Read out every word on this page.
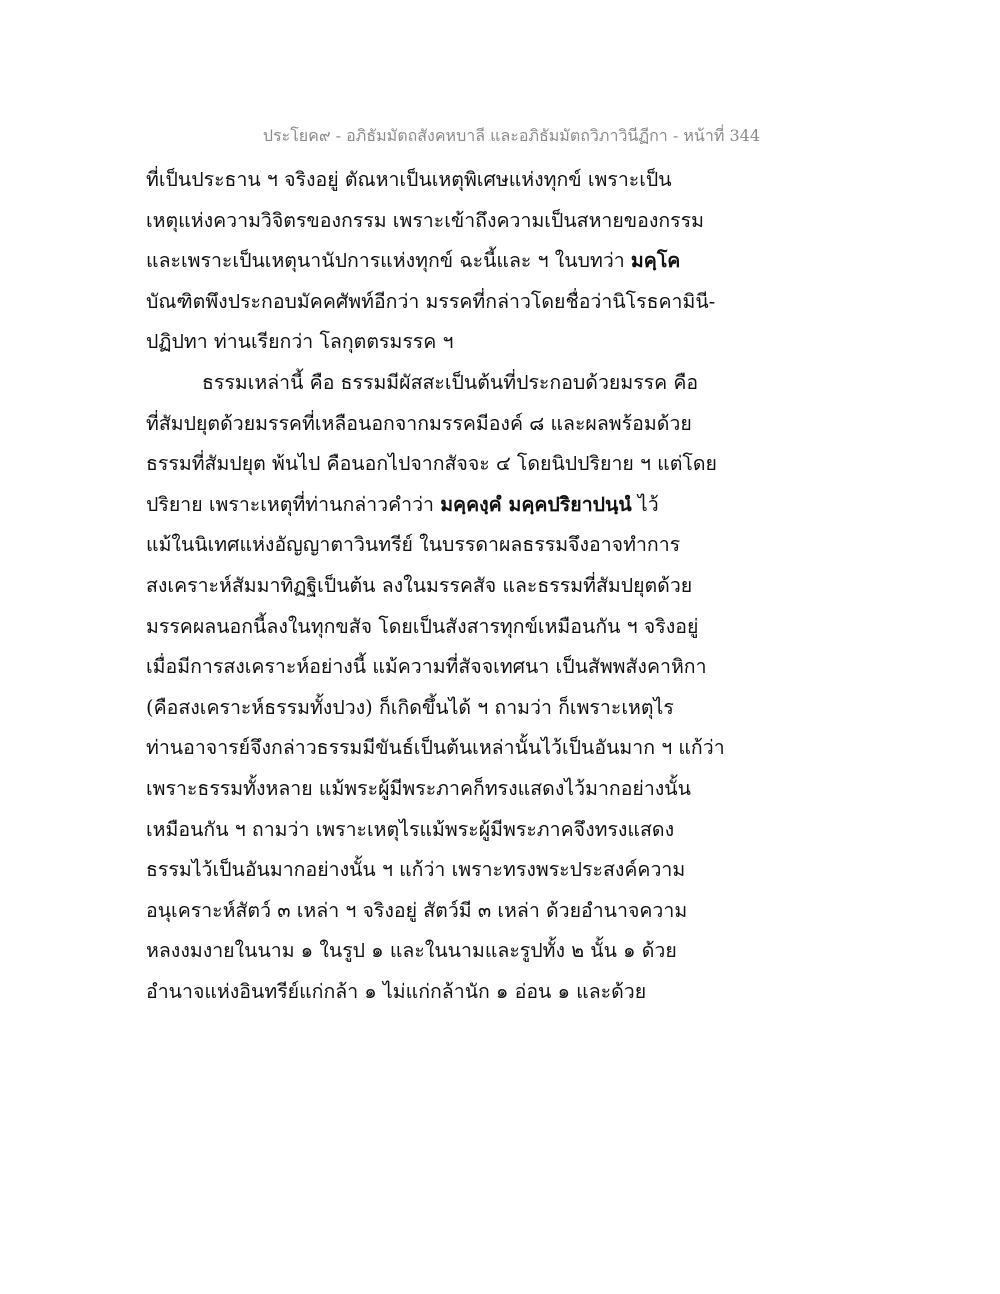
ประโยค๙ - อภิธัมมัตถสังคหบาลี และอภิธัมมัตถวิภาวินีฏีกา - หน้าที่ 344
ที่เป็นประธาน ฯ จริงอยู่ ตัณหาเป็นเหตุพิเศษแห่งทุกข์ เพราะเป็น
เหตุแห่งความวิจิตรของกรรม เพราะเข้าถึงความเป็นสหายของกรรม
และเพราะเป็นเหตุนานัปการแห่งทุกข์ ฉะนี้และ ฯ ในบทว่า มคฺโค
บัณฑิตพึงประกอบมัคคศัพท์อีกว่า มรรคที่กล่าวโดยชื่อว่านิโรธคามินี-
ปฏิปทา ท่านเรียกว่า โลกุตตรมรรค ฯ
ธรรมเหล่านี้ คือ ธรรมมีผัสสะเป็นต้นที่ประกอบด้วยมรรค คือ
ที่สัมปยุตด้วยมรรคที่เหลือนอกจากมรรคมีองค์ ๘ และผลพร้อมด้วย
ธรรมที่สัมปยุต พ้นไป คือนอกไปจากสัจจะ ๔ โดยนิปปริยาย ฯ แต่โดย
ปริยาย เพราะเหตุที่ท่านกล่าวคำว่า มคฺคงฺคํ มคฺคปริยาปนฺนํ ไว้
แม้ในนิเทศแห่งอัญญาตาวินทรีย์ ในบรรดาผลธรรมจึงอาจทำการ
สงเคราะห์สัมมาทิฏฐิเป็นต้น ลงในมรรคสัจ และธรรมที่สัมปยุตด้วย
มรรคผลนอกนี้ลงในทุกขสัจ โดยเป็นสังสารทุกข์เหมือนกัน ฯ จริงอยู่
เมื่อมีการสงเคราะห์อย่างนี้ แม้ความที่สัจจเทศนา เป็นสัพพสังคาหิกา
(คือสงเคราะห์ธรรมทั้งปวง) ก็เกิดขึ้นได้ ฯ ถามว่า ก็เพราะเหตุไร
ท่านอาจารย์จึงกล่าวธรรมมีขันธ์เป็นต้นเหล่านั้นไว้เป็นอันมาก ฯ แก้ว่า
เพราะธรรมทั้งหลาย แม้พระผู้มีพระภาคก็ทรงแสดงไว้มากอย่างนั้น
เหมือนกัน ฯ ถามว่า เพราะเหตุไรแม้พระผู้มีพระภาคจึงทรงแสดง
ธรรมไว้เป็นอันมากอย่างนั้น ฯ แก้ว่า เพราะทรงพระประสงค์ความ
อนุเคราะห์สัตว์ ๓ เหล่า ฯ จริงอยู่ สัตว์มี ๓ เหล่า ด้วยอำนาจความ
หลงงมงายในนาม ๑ ในรูป ๑ และในนามและรูปทั้ง ๒ นั้น ๑ ด้วย
อำนาจแห่งอินทรีย์แก่กล้า ๑ ไม่แก่กล้านัก ๑ อ่อน ๑ และด้วย
